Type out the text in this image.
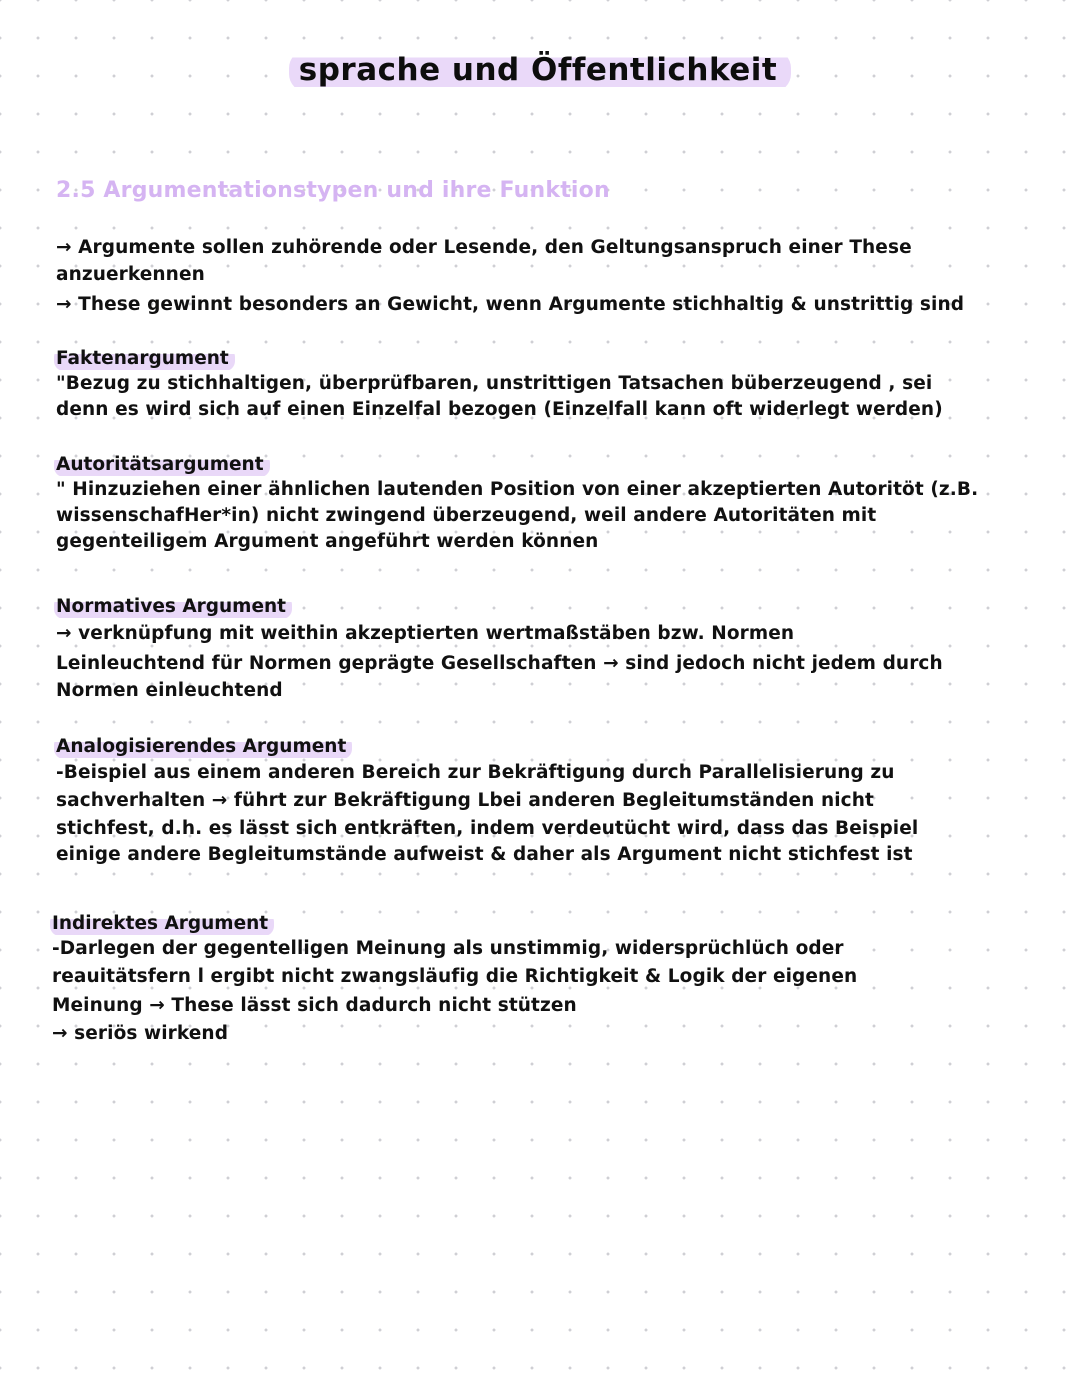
sprache und Öffentlichkeit
2.5 Argumentationstypen und ihre Funktion
→ Argumente sollen zuhörende oder Lesende, den Geltungsanspruch einer These
anzuerkennen
→ These gewinnt besonders an Gewicht, wenn Argumente stichhaltig & unstrittig sind
Faktenargument
"Bezug zu stichhaltigen, überprüfbaren, unstrittigen Tatsachen büberzeugend , sei
denn es wird sich auf einen Einzelfal bezogen (Einzelfall kann oft widerlegt werden)
Autoritätsargument
" Hinzuziehen einer ähnlichen lautenden Position von einer akzeptierten Autoritöt (z.B.
wissenschafHer*in) nicht zwingend überzeugend, weil andere Autoritäten mit
gegenteiligem Argument angeführt werden können
Normatives Argument
→ verknüpfung mit weithin akzeptierten wertmaßstäben bzw. Normen
Leinleuchtend für Normen geprägte Gesellschaften → sind jedoch nicht jedem durch
Normen einleuchtend
Analogisierendes Argument
-Beispiel aus einem anderen Bereich zur Bekräftigung durch Parallelisierung zu
sachverhalten → führt zur Bekräftigung Lbei anderen Begleitumständen nicht
stichfest, d.h. es lässt sich entkräften, indem verdeutücht wird, dass das Beispiel
einige andere Begleitumstände aufweist & daher als Argument nicht stichfest ist
Indirektes Argument
-Darlegen der gegentelligen Meinung als unstimmig, widersprüchlüch oder
reauitätsfern l ergibt nicht zwangsläufig die Richtigkeit & Logik der eigenen
Meinung → These lässt sich dadurch nicht stützen
→ seriös wirkend
